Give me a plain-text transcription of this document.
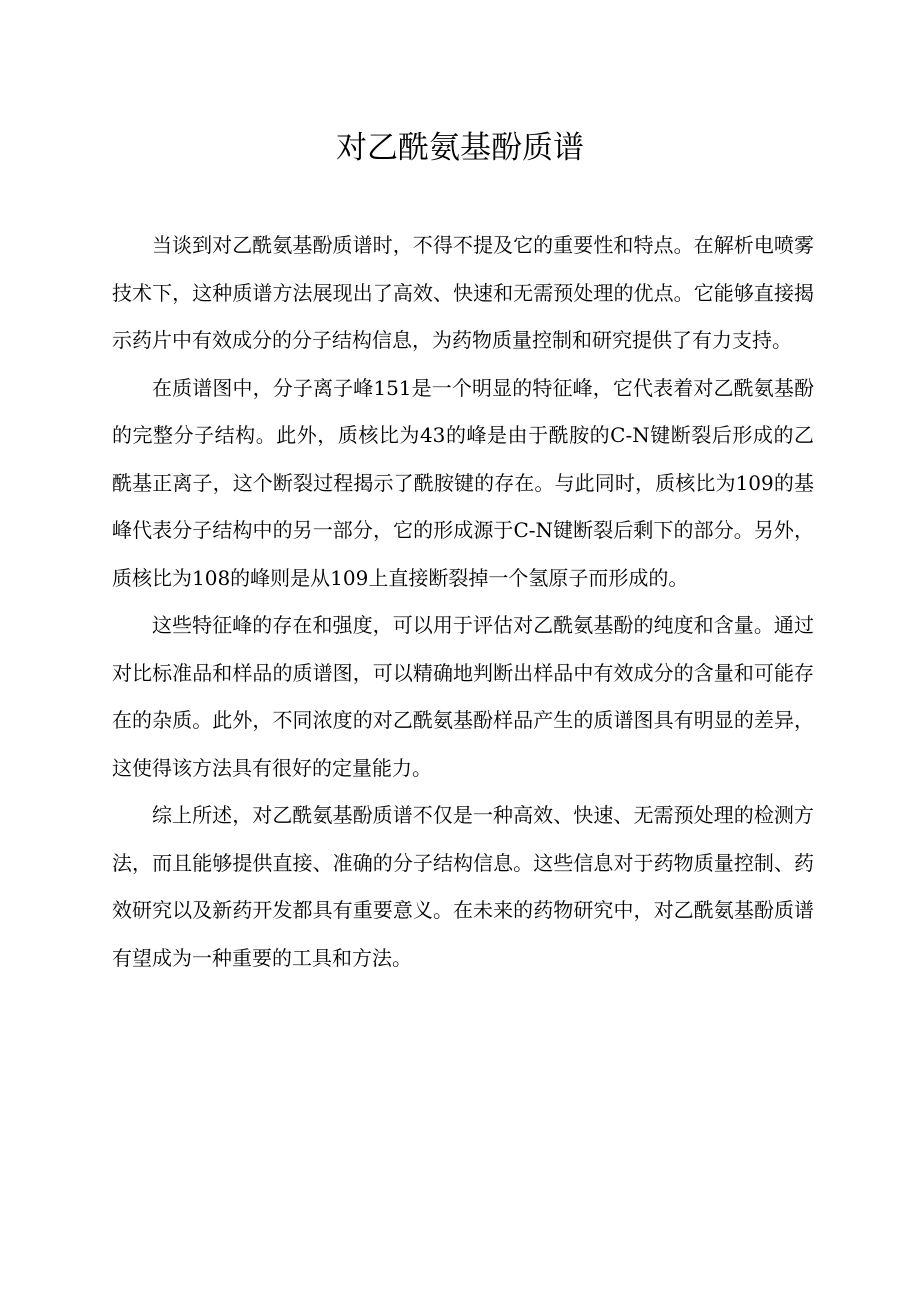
对乙酰氨基酚质谱

当谈到对乙酰氨基酚质谱时，不得不提及它的重要性和特点。在解析电喷雾技术下，这种质谱方法展现出了高效、快速和无需预处理的优点。它能够直接揭示药片中有效成分的分子结构信息，为药物质量控制和研究提供了有力支持。

在质谱图中，分子离子峰151是一个明显的特征峰，它代表着对乙酰氨基酚的完整分子结构。此外，质核比为43的峰是由于酰胺的C-N键断裂后形成的乙酰基正离子，这个断裂过程揭示了酰胺键的存在。与此同时，质核比为109的基峰代表分子结构中的另一部分，它的形成源于C-N键断裂后剩下的部分。另外，质核比为108的峰则是从109上直接断裂掉一个氢原子而形成的。

这些特征峰的存在和强度，可以用于评估对乙酰氨基酚的纯度和含量。通过对比标准品和样品的质谱图，可以精确地判断出样品中有效成分的含量和可能存在的杂质。此外，不同浓度的对乙酰氨基酚样品产生的质谱图具有明显的差异，这使得该方法具有很好的定量能力。

综上所述，对乙酰氨基酚质谱不仅是一种高效、快速、无需预处理的检测方法，而且能够提供直接、准确的分子结构信息。这些信息对于药物质量控制、药效研究以及新药开发都具有重要意义。在未来的药物研究中，对乙酰氨基酚质谱有望成为一种重要的工具和方法。
